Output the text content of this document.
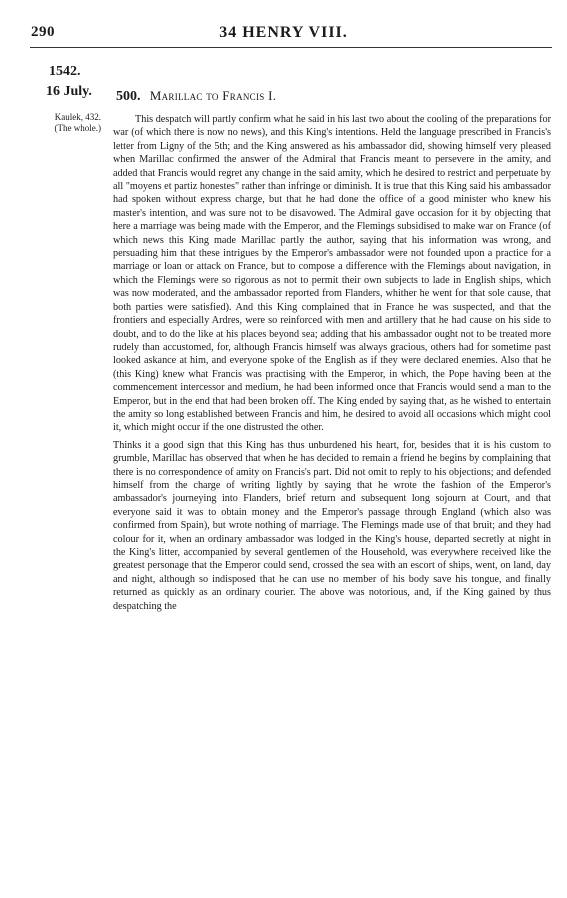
290	34 HENRY VIII.
1542.
16 July.
Kaulek, 432.
(The whole.)
500. Marillac to Francis I.

This despatch will partly confirm what he said in his last two about the cooling of the preparations for war (of which there is now no news), and this King's intentions. Held the language prescribed in Francis's letter from Ligny of the 5th; and the King answered as his ambassador did, showing himself very pleased when Marillac confirmed the answer of the Admiral that Francis meant to persevere in the amity, and added that Francis would regret any change in the said amity, which he desired to restrict and perpetuate by all "moyens et partiz honestes" rather than infringe or diminish. It is true that this King said his ambassador had spoken without express charge, but that he had done the office of a good minister who knew his master's intention, and was sure not to be disavowed. The Admiral gave occasion for it by objecting that here a marriage was being made with the Emperor, and the Flemings subsidised to make war on France (of which news this King made Marillac partly the author, saying that his information was wrong, and persuading him that these intrigues by the Emperor's ambassador were not founded upon a practice for a marriage or loan or attack on France, but to compose a difference with the Flemings about navigation, in which the Flemings were so rigorous as not to permit their own subjects to lade in English ships, which was now moderated, and the ambassador reported from Flanders, whither he went for that sole cause, that both parties were satisfied). And this King complained that in France he was suspected, and that the frontiers and especially Ardres, were so reinforced with men and artillery that he had cause on his side to doubt, and to do the like at his places beyond sea; adding that his ambassador ought not to be treated more rudely than accustomed, for, although Francis himself was always gracious, others had for sometime past looked askance at him, and everyone spoke of the English as if they were declared enemies. Also that he (this King) knew what Francis was practising with the Emperor, in which, the Pope having been at the commencement intercessor and medium, he had been informed once that Francis would send a man to the Emperor, but in the end that had been broken off. The King ended by saying that, as he wished to entertain the amity so long established between Francis and him, he desired to avoid all occasions which might cool it, which might occur if the one distrusted the other.

Thinks it a good sign that this King has thus unburdened his heart, for, besides that it is his custom to grumble, Marillac has observed that when he has decided to remain a friend he begins by complaining that there is no correspondence of amity on Francis's part. Did not omit to reply to his objections; and defended himself from the charge of writing lightly by saying that he wrote the fashion of the Emperor's ambassador's journeying into Flanders, brief return and subsequent long sojourn at Court, and that everyone said it was to obtain money and the Emperor's passage through England (which also was confirmed from Spain), but wrote nothing of marriage. The Flemings made use of that bruit; and they had colour for it, when an ordinary ambassador was lodged in the King's house, departed secretly at night in the King's litter, accompanied by several gentlemen of the Household, was everywhere received like the greatest personage that the Emperor could send, crossed the sea with an escort of ships, went, on land, day and night, although so indisposed that he can use no member of his body save his tongue, and finally returned as quickly as an ordinary courier. The above was notorious, and, if the King gained by thus despatching the
